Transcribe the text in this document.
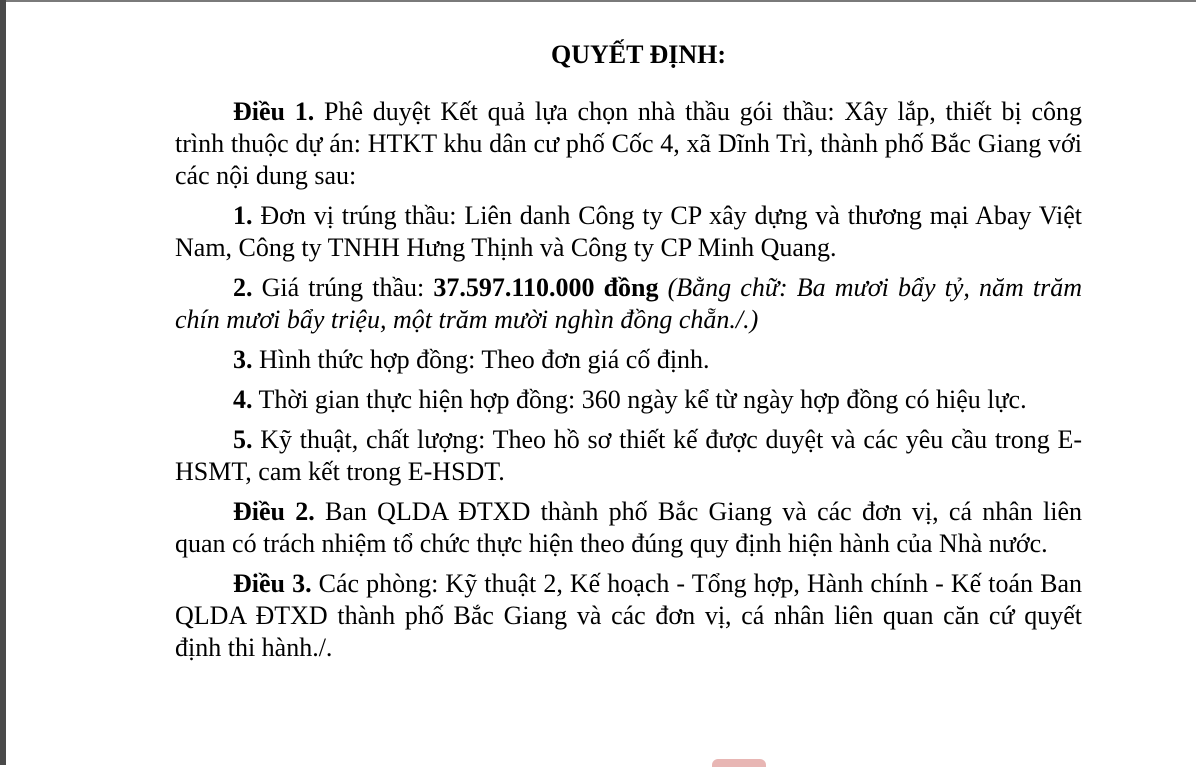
QUYẾT ĐỊNH:

Điều 1. Phê duyệt Kết quả lựa chọn nhà thầu gói thầu: Xây lắp, thiết bị công trình thuộc dự án: HTKT khu dân cư phố Cốc 4, xã Dĩnh Trì, thành phố Bắc Giang với các nội dung sau:

1. Đơn vị trúng thầu: Liên danh Công ty CP xây dựng và thương mại Abay Việt Nam, Công ty TNHH Hưng Thịnh và Công ty CP Minh Quang.

2. Giá trúng thầu: 37.597.110.000 đồng (Bằng chữ: Ba mươi bẩy tỷ, năm trăm chín mươi bẩy triệu, một trăm mười nghìn đồng chẵn./.)

3. Hình thức hợp đồng: Theo đơn giá cố định.

4. Thời gian thực hiện hợp đồng: 360 ngày kể từ ngày hợp đồng có hiệu lực.

5. Kỹ thuật, chất lượng: Theo hồ sơ thiết kế được duyệt và các yêu cầu trong E-HSMT, cam kết trong E-HSDT.

Điều 2. Ban QLDA ĐTXD thành phố Bắc Giang và các đơn vị, cá nhân liên quan có trách nhiệm tổ chức thực hiện theo đúng quy định hiện hành của Nhà nước.

Điều 3. Các phòng: Kỹ thuật 2, Kế hoạch - Tổng hợp, Hành chính - Kế toán Ban QLDA ĐTXD thành phố Bắc Giang và các đơn vị, cá nhân liên quan căn cứ quyết định thi hành./.
